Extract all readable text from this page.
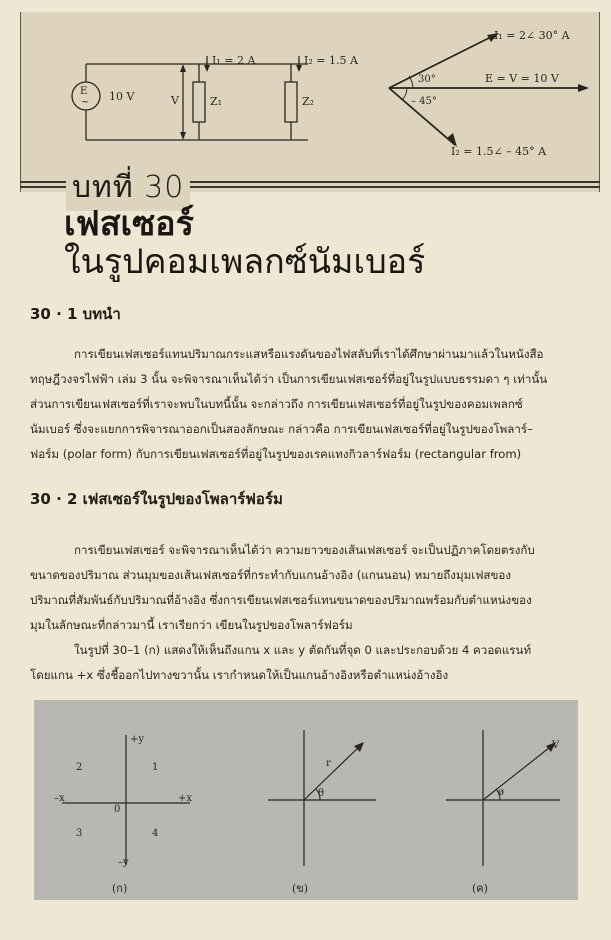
E
~ 10 V	V
I₁ = 2 A	I₂ = 1.5 A
Z₁	Z₂
I₁ = 2∠ 30° A
E = V = 10 V
I₂ = 1.5∠ – 45° A
30°
– 45°
บทที่ 30
เฟสเซอร์
ในรูปคอมเพลกซ์นัมเบอร์
30 · 1 บทนำ
การเขียนเฟสเซอร์แทนปริมาณกระแสหรือแรงดันของไฟสลับที่เราได้ศึกษาผ่านมาแล้วในหนังสือ
ทฤษฎีวงจรไฟฟ้า เล่ม 3 นั้น จะพิจารณาเห็นได้ว่า เป็นการเขียนเฟสเซอร์ที่อยู่ในรูปแบบธรรมดา ๆ เท่านั้น
ส่วนการเขียนเฟสเซอร์ที่เราจะพบในบทนี้นั้น จะกล่าวถึง การเขียนเฟสเซอร์ที่อยู่ในรูปของคอมเพลกซ์
นัมเบอร์ ซึ่งจะแยกการพิจารณาออกเป็นสองลักษณะ กล่าวคือ การเขียนเฟสเซอร์ที่อยู่ในรูปของโพลาร์–
ฟอร์ม (polar form) กับการเขียนเฟสเซอร์ที่อยู่ในรูปของเรคแทงกิวลาร์ฟอร์ม (rectangular from)
30 · 2 เฟสเซอร์ในรูปของโพลาร์ฟอร์ม
การเขียนเฟสเซอร์ จะพิจารณาเห็นได้ว่า ความยาวของเส้นเฟสเซอร์ จะเป็นปฏิภาคโดยตรงกับ
ขนาดของปริมาณ ส่วนมุมของเส้นเฟสเซอร์ที่กระทำกับแกนอ้างอิง (แกนนอน) หมายถึงมุมเฟสของ
ปริมาณที่สัมพันธ์กับปริมาณที่อ้างอิง ซึ่งการเขียนเฟสเซอร์แทนขนาดของปริมาณพร้อมกับตำแหน่งของ
มุมในลักษณะที่กล่าวมานี้ เราเรียกว่า เขียนในรูปของโพลาร์ฟอร์ม
ในรูปที่ 30–1 (ก) แสดงให้เห็นถึงแกน x และ y ตัดกันที่จุด 0 และประกอบด้วย 4 ควอดแรนท์
โดยแกน +x ซึ่งชี้ออกไปทางขวานั้น เรากำหนดให้เป็นแกนอ้างอิงหรือตำแหน่งอ้างอิง
+y
–y
+x
–x
0
1
2
3	4
(ก)
r
θ
(ข)
V
ø
(ค)
